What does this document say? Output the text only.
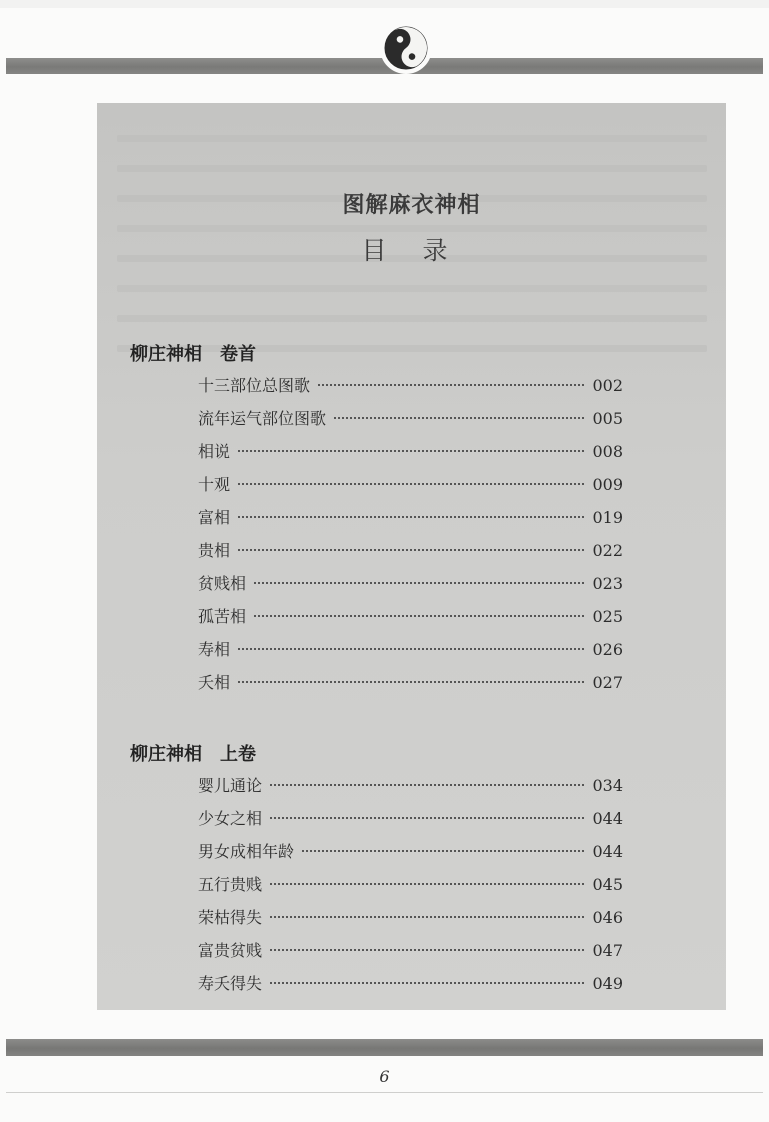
图解麻衣神相
目 录
柳庄神相 卷首
十三部位总图歌	002
流年运气部位图歌	005
相说	008
十观	009
富相	019
贵相	022
贫贱相	023
孤苦相	025
寿相	026
夭相	027
柳庄神相 上卷
婴儿通论	034
少女之相	044
男女成相年龄	044
五行贵贱	045
荣枯得失	046
富贵贫贱	047
寿夭得失	049
6
